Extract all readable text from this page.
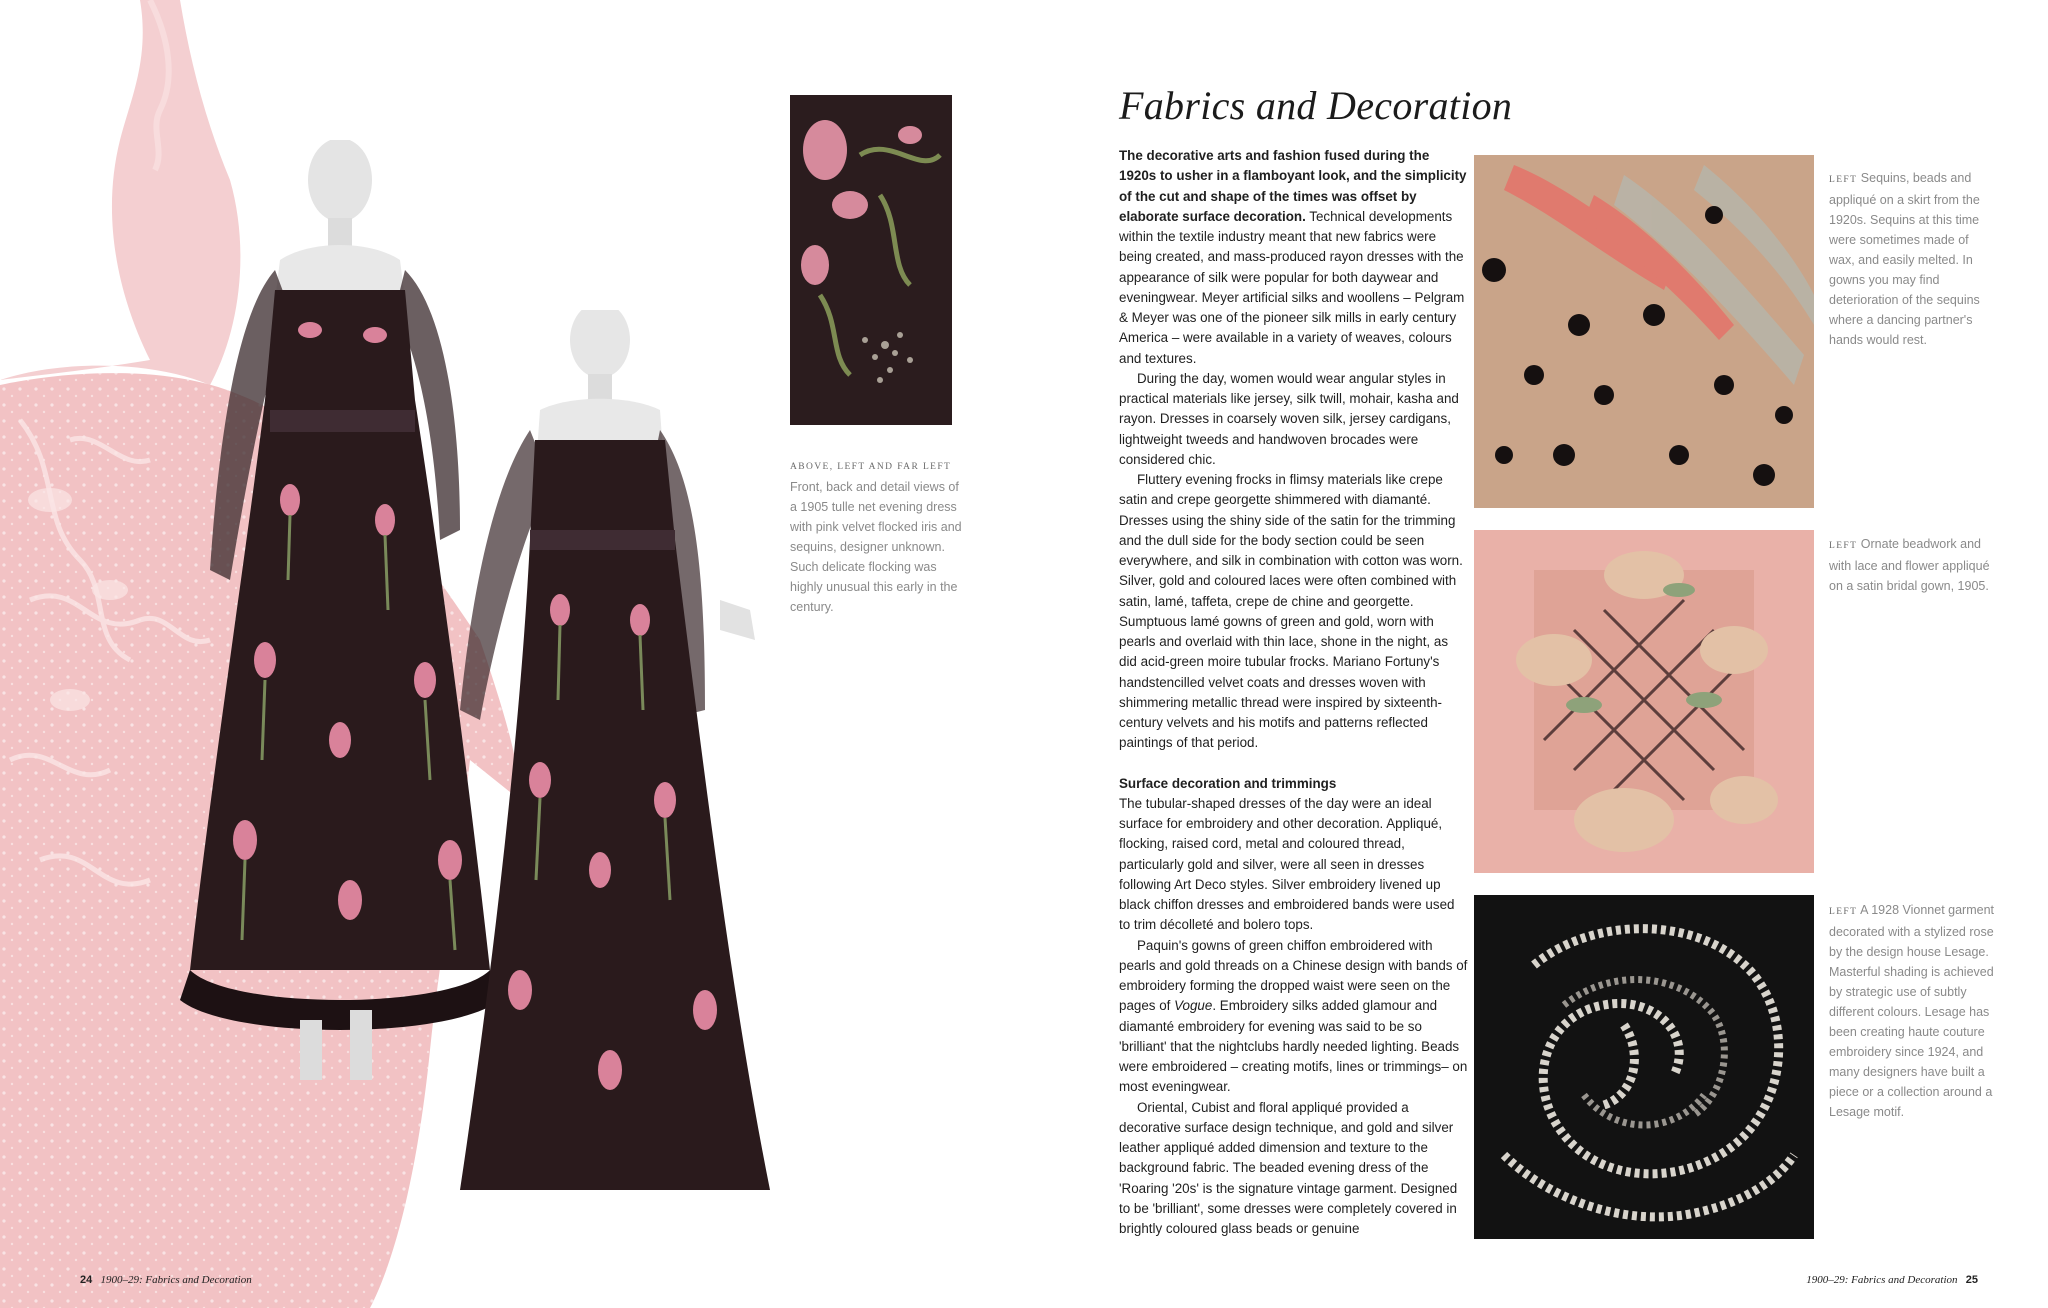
ABOVE, LEFT AND FAR LEFT Front, back and detail views of a 1905 tulle net evening dress with pink velvet flocked iris and sequins, designer unknown. Such delicate flocking was highly unusual this early in the century.
24 1900–29: Fabrics and Decoration
Fabrics and Decoration

The decorative arts and fashion fused during the 1920s to usher in a flamboyant look, and the simplicity of the cut and shape of the times was offset by elaborate surface decoration. Technical developments within the textile industry meant that new fabrics were being created, and mass-produced rayon dresses with the appearance of silk were popular for both daywear and eveningwear. Meyer artificial silks and woollens – Pelgram & Meyer was one of the pioneer silk mills in early century America – were available in a variety of weaves, colours and textures.

During the day, women would wear angular styles in practical materials like jersey, silk twill, mohair, kasha and rayon. Dresses in coarsely woven silk, jersey cardigans, lightweight tweeds and handwoven brocades were considered chic.

Fluttery evening frocks in flimsy materials like crepe satin and crepe georgette shimmered with diamanté. Dresses using the shiny side of the satin for the trimming and the dull side for the body section could be seen everywhere, and silk in combination with cotton was worn. Silver, gold and coloured laces were often combined with satin, lamé, taffeta, crepe de chine and georgette. Sumptuous lamé gowns of green and gold, worn with pearls and overlaid with thin lace, shone in the night, as did acid-green moire tubular frocks. Mariano Fortuny's handstencilled velvet coats and dresses woven with shimmering metallic thread were inspired by sixteenth-century velvets and his motifs and patterns reflected paintings of that period.

Surface decoration and trimmings

The tubular-shaped dresses of the day were an ideal surface for embroidery and other decoration. Appliqué, flocking, raised cord, metal and coloured thread, particularly gold and silver, were all seen in dresses following Art Deco styles. Silver embroidery livened up black chiffon dresses and embroidered bands were used to trim décolleté and bolero tops.

Paquin's gowns of green chiffon embroidered with pearls and gold threads on a Chinese design with bands of embroidery forming the dropped waist were seen on the pages of Vogue. Embroidery silks added glamour and diamanté embroidery for evening was said to be so 'brilliant' that the nightclubs hardly needed lighting. Beads were embroidered – creating motifs, lines or trimmings– on most eveningwear.

Oriental, Cubist and floral appliqué provided a decorative surface design technique, and gold and silver leather appliqué added dimension and texture to the background fabric. The beaded evening dress of the 'Roaring '20s' is the signature vintage garment. Designed to be 'brilliant', some dresses were completely covered in brightly coloured glass beads or genuine

LEFT Sequins, beads and appliqué on a skirt from the 1920s. Sequins at this time were sometimes made of wax, and easily melted. In gowns you may find deterioration of the sequins where a dancing partner's hands would rest.
LEFT Ornate beadwork and with lace and flower appliqué on a satin bridal gown, 1905.
LEFT A 1928 Vionnet garment decorated with a stylized rose by the design house Lesage. Masterful shading is achieved by strategic use of subtly different colours. Lesage has been creating haute couture embroidery since 1924, and many designers have built a piece or a collection around a Lesage motif.
1900–29: Fabrics and Decoration 25
